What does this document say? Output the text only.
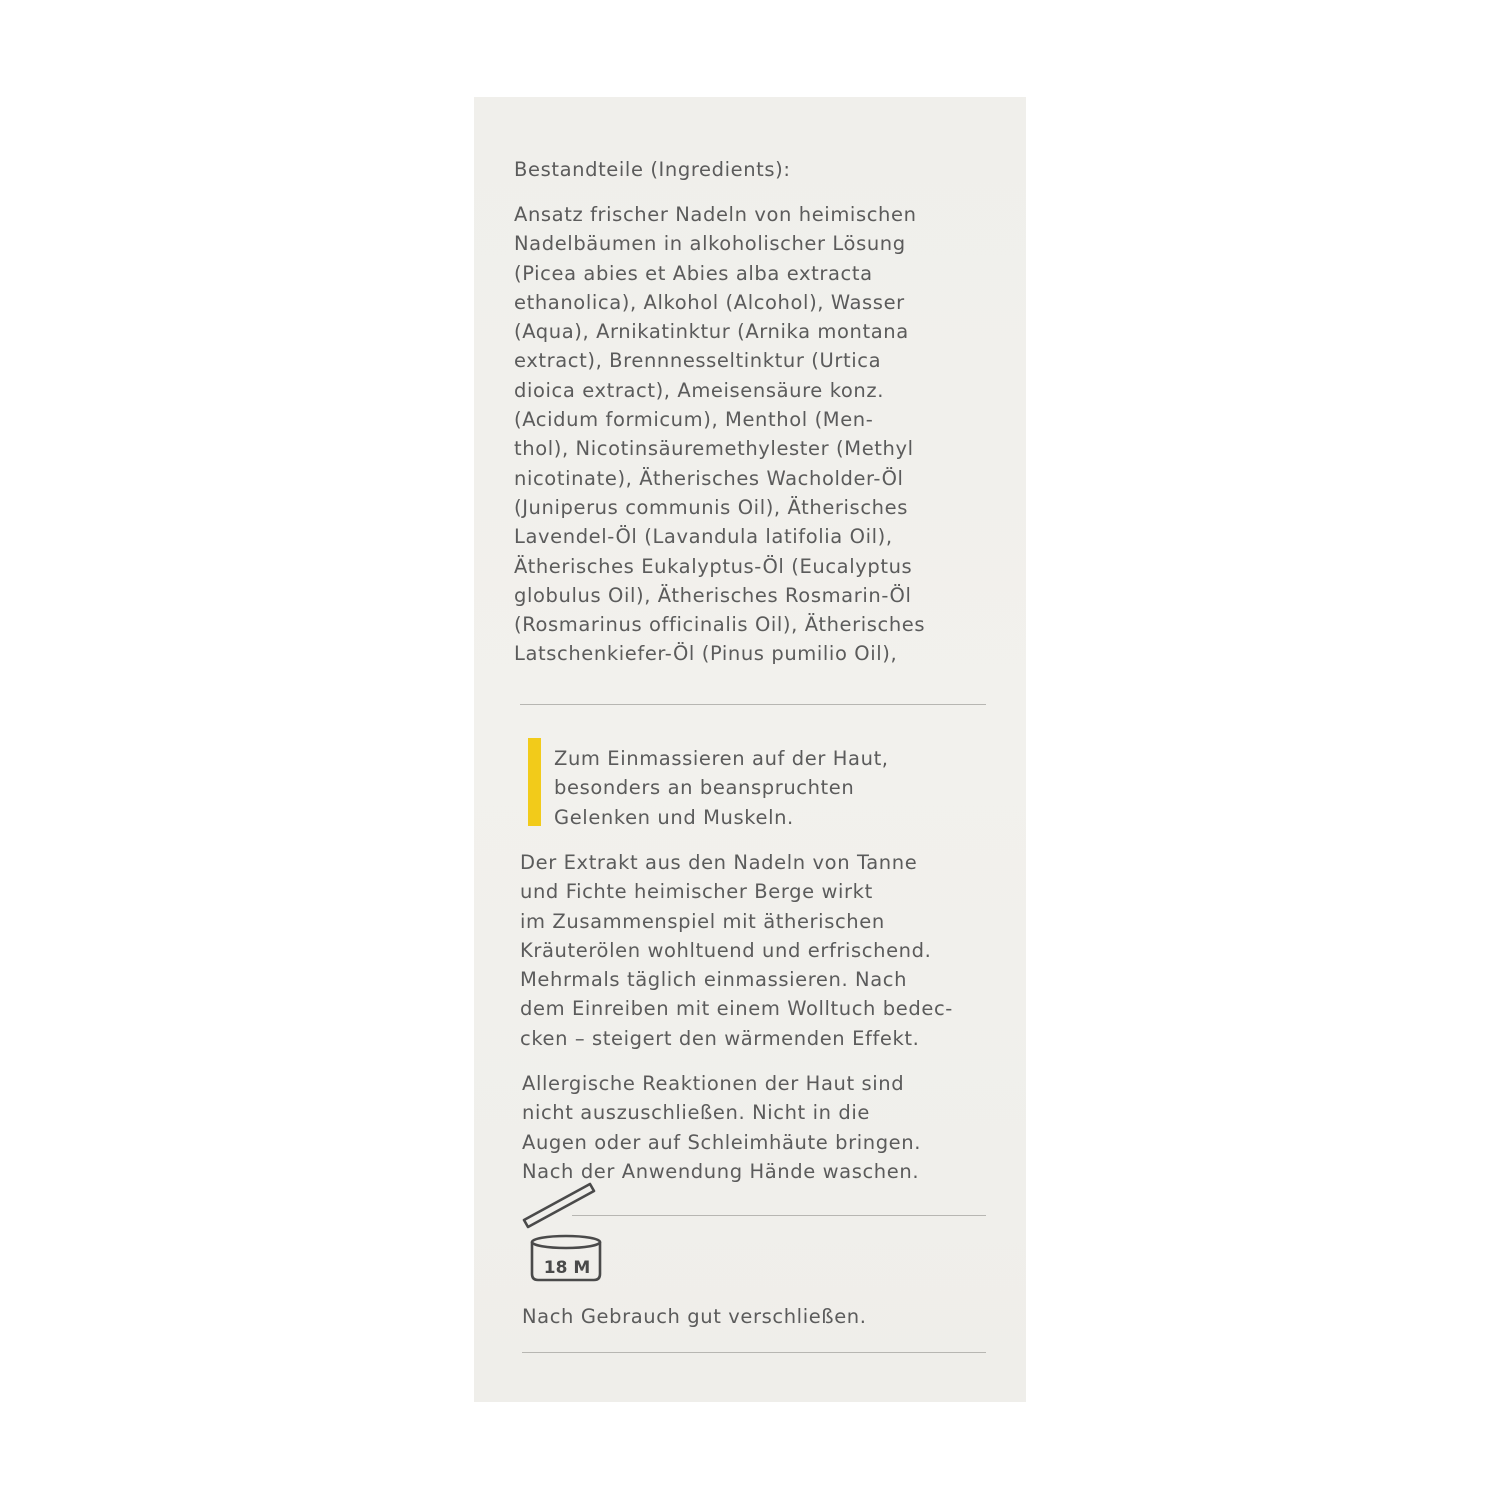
Bestandteile (Ingredients):

Ansatz frischer Nadeln von heimischen
Nadelbäumen in alkoholischer Lösung
(Picea abies et Abies alba extracta
ethanolica), Alkohol (Alcohol), Wasser
(Aqua), Arnikatinktur (Arnika montana
extract), Brennnesseltinktur (Urtica
dioica extract), Ameisensäure konz.
(Acidum formicum), Menthol (Men-
thol), Nicotinsäuremethylester (Methyl
nicotinate), Ätherisches Wacholder-Öl
(Juniperus communis Oil), Ätherisches
Lavendel-Öl (Lavandula latifolia Oil),
Ätherisches Eukalyptus-Öl (Eucalyptus
globulus Oil), Ätherisches Rosmarin-Öl
(Rosmarinus officinalis Oil), Ätherisches
Latschenkiefer-Öl (Pinus pumilio Oil),

Zum Einmassieren auf der Haut,
besonders an beanspruchten
Gelenken und Muskeln.

Der Extrakt aus den Nadeln von Tanne
und Fichte heimischer Berge wirkt
im Zusammenspiel mit ätherischen
Kräuterölen wohltuend und erfrischend.
Mehrmals täglich einmassieren. Nach
dem Einreiben mit einem Wolltuch bedec-
cken – steigert den wärmenden Effekt.

Allergische Reaktionen der Haut sind
nicht auszuschließen. Nicht in die
Augen oder auf Schleimhäute bringen.
Nach der Anwendung Hände waschen.

18 M

Nach Gebrauch gut verschließen.
